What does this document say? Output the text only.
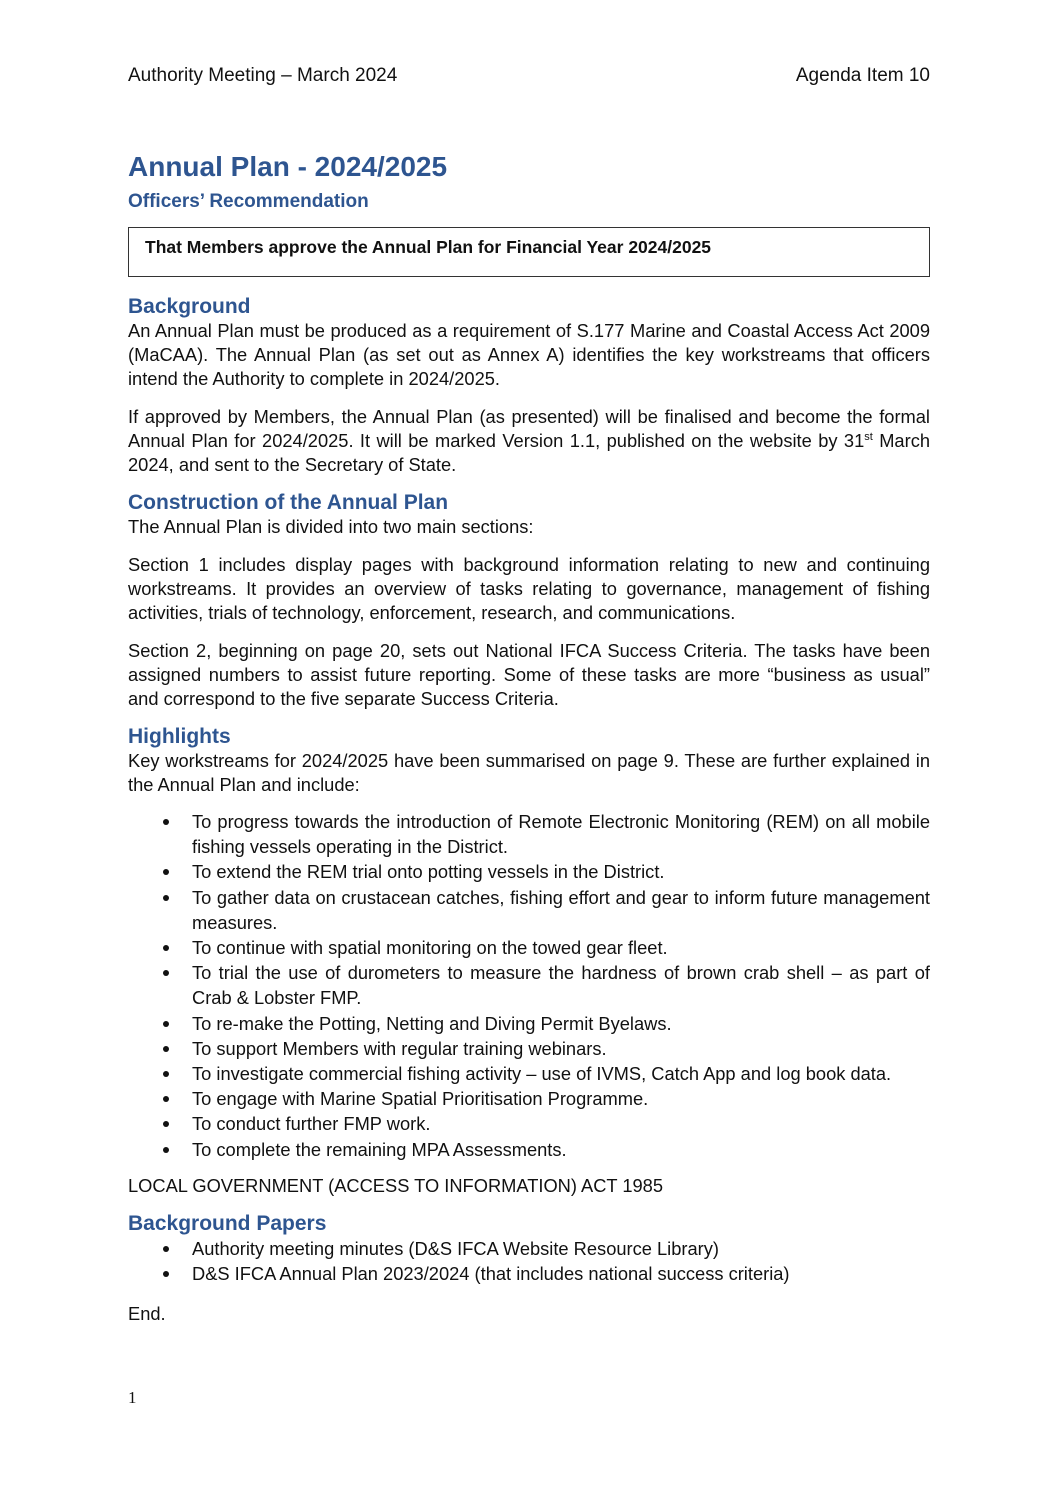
Authority Meeting – March 2024	Agenda Item 10
Annual Plan - 2024/2025
Officers’ Recommendation
That Members approve the Annual Plan for Financial Year 2024/2025
Background

An Annual Plan must be produced as a requirement of S.177 Marine and Coastal Access Act 2009 (MaCAA). The Annual Plan (as set out as Annex A) identifies the key workstreams that officers intend the Authority to complete in 2024/2025.

If approved by Members, the Annual Plan (as presented) will be finalised and become the formal Annual Plan for 2024/2025. It will be marked Version 1.1, published on the website by 31st March 2024, and sent to the Secretary of State.

Construction of the Annual Plan

The Annual Plan is divided into two main sections:

Section 1 includes display pages with background information relating to new and continuing workstreams. It provides an overview of tasks relating to governance, management of fishing activities, trials of technology, enforcement, research, and communications.

Section 2, beginning on page 20, sets out National IFCA Success Criteria. The tasks have been assigned numbers to assist future reporting. Some of these tasks are more “business as usual” and correspond to the five separate Success Criteria.

Highlights

Key workstreams for 2024/2025 have been summarised on page 9. These are further explained in the Annual Plan and include:

To progress towards the introduction of Remote Electronic Monitoring (REM) on all mobile fishing vessels operating in the District.
To extend the REM trial onto potting vessels in the District.
To gather data on crustacean catches, fishing effort and gear to inform future management measures.
To continue with spatial monitoring on the towed gear fleet.
To trial the use of durometers to measure the hardness of brown crab shell – as part of Crab & Lobster FMP.
To re-make the Potting, Netting and Diving Permit Byelaws.
To support Members with regular training webinars.
To investigate commercial fishing activity – use of IVMS, Catch App and log book data.
To engage with Marine Spatial Prioritisation Programme.
To conduct further FMP work.
To complete the remaining MPA Assessments.

LOCAL GOVERNMENT (ACCESS TO INFORMATION) ACT 1985

Background Papers
Authority meeting minutes (D&S IFCA Website Resource Library)
D&S IFCA Annual Plan 2023/2024 (that includes national success criteria)

End.

1
